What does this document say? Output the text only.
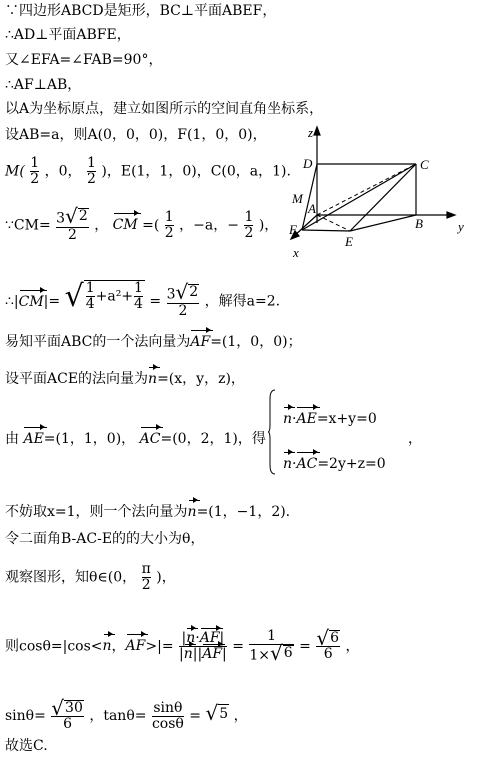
∵四边形ABCD是矩形，BC⊥平面ABEF，
∴AD⊥平面ABFE，
又∠EFA=∠FAB=90°，
∴AF⊥AB，
以A为坐标原点，建立如图所示的空间直角坐标系，
设AB=a，则A(0，0，0)，F(1，0，0)，
$M( \frac{1}{2}$ ，0， $\frac{1}{2}$ )，E(1，1，0)，C(0，a，1).
∵CM= $\frac{3 √ 2}{2}$ ， CM =( $\frac{1}{2}$ ，−a，− $\frac{1}{2}$ )，
∴|CM|= √ $\frac{1}{4} +a^2+ \frac{1}{4} = \frac{3 √ 2}{2}$ ，解得a=2.
易知平面ABC的一个法向量为AF=(1，0，0)；
设平面ACE的法向量为n=(x，y，z)，
由 AE=(1，1，0)， AC=(0，2，1)，得
n·AE=x+y=0
n·AC=2y+z=0
，
不妨取x=1，则一个法向量为n=(1，−1，2).
令二面角B-AC-E的的大小为θ，
观察图形，知θ∈(0， $\frac{\pi}{2}$ )，
则cosθ=|cos<n，$AF>|= \frac{|n\cdot AF|}{|n||AF|} = \frac{1}{1\times √ 6} = \frac{√ 6}{6}$ ，
$\sin\theta= \frac{√ 30}{6}$ ，$\tan\theta= \frac{\sin\theta}{\cos\theta}$ = √ 5 ，
故选C.
z
D	C
M
A
B	y
F
E
x
